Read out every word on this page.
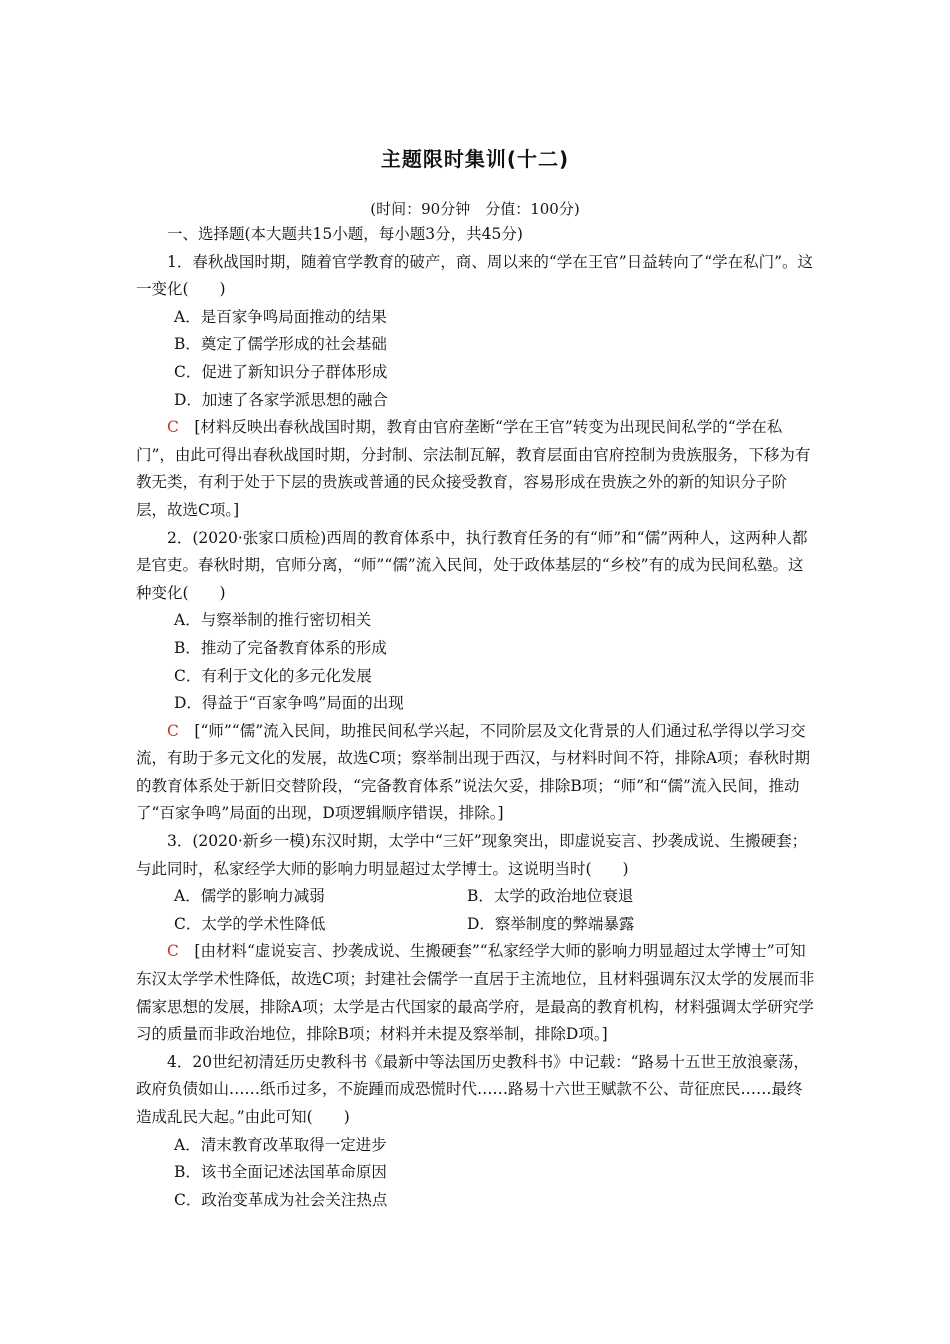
主题限时集训(十二)
(时间：90分钟　分值：100分)

一、选择题(本大题共15小题，每小题3分，共45分)

1．春秋战国时期，随着官学教育的破产，商、周以来的“学在王官”日益转向了“学在私门”。这一变化(　　)

A．是百家争鸣局面推动的结果

B．奠定了儒学形成的社会基础

C．促进了新知识分子群体形成

D．加速了各家学派思想的融合

C　 [材料反映出春秋战国时期，教育由官府垄断“学在王官”转变为出现民间私学的“学在私门”，由此可得出春秋战国时期，分封制、宗法制瓦解，教育层面由官府控制为贵族服务，下移为有教无类，有利于处于下层的贵族或普通的民众接受教育，容易形成在贵族之外的新的知识分子阶层，故选C项。]

2．(2020·张家口质检)西周的教育体系中，执行教育任务的有“师”和“儒”两种人，这两种人都是官吏。春秋时期，官师分离，“师”“儒”流入民间，处于政体基层的“乡校”有的成为民间私塾。这种变化(　　)

A．与察举制的推行密切相关

B．推动了完备教育体系的形成

C．有利于文化的多元化发展

D．得益于“百家争鸣”局面的出现

C　 [“师”“儒”流入民间，助推民间私学兴起，不同阶层及文化背景的人们通过私学得以学习交流，有助于多元文化的发展，故选C项；察举制出现于西汉，与材料时间不符，排除A项；春秋时期的教育体系处于新旧交替阶段，“完备教育体系”说法欠妥，排除B项；“师”和“儒”流入民间，推动了“百家争鸣”局面的出现，D项逻辑顺序错误，排除。]

3．(2020·新乡一模)东汉时期，太学中“三奸”现象突出，即虚说妄言、抄袭成说、生搬硬套；与此同时，私家经学大师的影响力明显超过太学博士。这说明当时(　　)

A．儒学的影响力减弱	B．太学的政治地位衰退
C．太学的学术性降低	D．察举制度的弊端暴露

C　 [由材料“虚说妄言、抄袭成说、生搬硬套”“私家经学大师的影响力明显超过太学博士”可知东汉太学学术性降低，故选C项；封建社会儒学一直居于主流地位，且材料强调东汉太学的发展而非儒家思想的发展，排除A项；太学是古代国家的最高学府，是最高的教育机构，材料强调太学研究学习的质量而非政治地位，排除B项；材料并未提及察举制，排除D项。]

4．20世纪初清廷历史教科书《最新中等法国历史教科书》中记载：“路易十五世王放浪豪荡，政府负债如山……纸币过多，不旋踵而成恐慌时代……路易十六世王赋款不公、苛征庶民……最终造成乱民大起。”由此可知(　　)

A．清末教育改革取得一定进步

B．该书全面记述法国革命原因

C．政治变革成为社会关注热点
